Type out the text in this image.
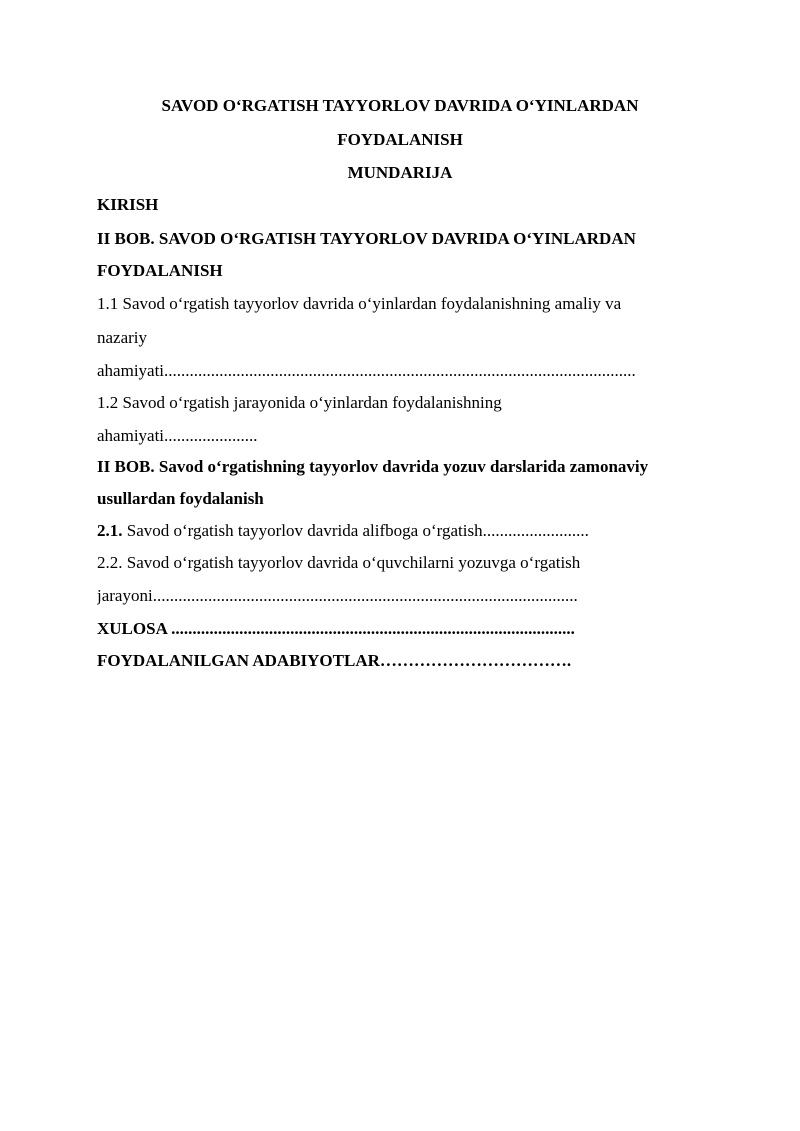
SAVOD O‘RGATISH TAYYORLOV DAVRIDA O‘YINLARDAN
FOYDALANISH
MUNDARIJA
KIRISH
II BOB. SAVOD O‘RGATISH TAYYORLOV DAVRIDA O‘YINLARDAN
FOYDALANISH
1.1 Savod o‘rgatish tayyorlov davrida o‘yinlardan foydalanishning amaliy va
nazariy
ahamiyati...............................................................................................................
1.2 Savod o‘rgatish jarayonida o‘yinlardan foydalanishning
ahamiyati......................
II BOB. Savod o‘rgatishning tayyorlov davrida yozuv darslarida zamonaviy
usullardan foydalanish
2.1. Savod o‘rgatish tayyorlov davrida alifboga o‘rgatish.........................
2.2. Savod o‘rgatish tayyorlov davrida o‘quvchilarni yozuvga o‘rgatish
jarayoni....................................................................................................
XULOSA ...............................................................................................
FOYDALANILGAN ADABIYOTLAR…………………………….
